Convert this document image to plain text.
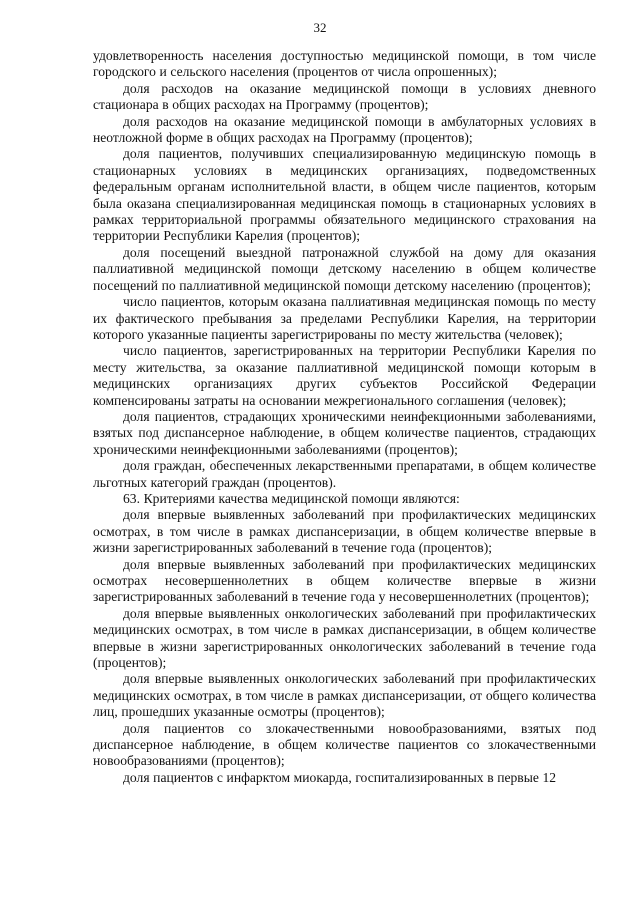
32

удовлетворенность населения доступностью медицинской помощи, в том числе городского и сельского населения (процентов от числа опрошенных);

доля расходов на оказание медицинской помощи в условиях дневного стационара в общих расходах на Программу (процентов);

доля расходов на оказание медицинской помощи в амбулаторных условиях в неотложной форме в общих расходах на Программу (процентов);

доля пациентов, получивших специализированную медицинскую помощь в стационарных условиях в медицинских организациях, подведомственных федеральным органам исполнительной власти, в общем числе пациентов, которым была оказана специализированная медицинская помощь в стационарных условиях в рамках территориальной программы обязательного медицинского страхования на территории Республики Карелия (процентов);

доля посещений выездной патронажной службой на дому для оказания паллиативной медицинской помощи детскому населению в общем количестве посещений по паллиативной медицинской помощи детскому населению (процентов);

число пациентов, которым оказана паллиативная медицинская помощь по месту их фактического пребывания за пределами Республики Карелия, на территории которого указанные пациенты зарегистрированы по месту жительства (человек);

число пациентов, зарегистрированных на территории Республики Карелия по месту жительства, за оказание паллиативной медицинской помощи которым в медицинских организациях других субъектов Российской Федерации компенсированы затраты на основании межрегионального соглашения (человек);

доля пациентов, страдающих хроническими неинфекционными заболеваниями, взятых под диспансерное наблюдение, в общем количестве пациентов, страдающих хроническими неинфекционными заболеваниями (процентов);

доля граждан, обеспеченных лекарственными препаратами, в общем количестве льготных категорий граждан (процентов).

63. Критериями качества медицинской помощи являются:

доля впервые выявленных заболеваний при профилактических медицинских осмотрах, в том числе в рамках диспансеризации, в общем количестве впервые в жизни зарегистрированных заболеваний в течение года (процентов);

доля впервые выявленных заболеваний при профилактических медицинских осмотрах несовершеннолетних в общем количестве впервые в жизни зарегистрированных заболеваний в течение года у несовершеннолетних (процентов);

доля впервые выявленных онкологических заболеваний при профилактических медицинских осмотрах, в том числе в рамках диспансеризации, в общем количестве впервые в жизни зарегистрированных онкологических заболеваний в течение года (процентов);

доля впервые выявленных онкологических заболеваний при профилактических медицинских осмотрах, в том числе в рамках диспансеризации, от общего количества лиц, прошедших указанные осмотры (процентов);

доля пациентов со злокачественными новообразованиями, взятых под диспансерное наблюдение, в общем количестве пациентов со злокачественными новообразованиями (процентов);

доля пациентов с инфарктом миокарда, госпитализированных в первые 12
